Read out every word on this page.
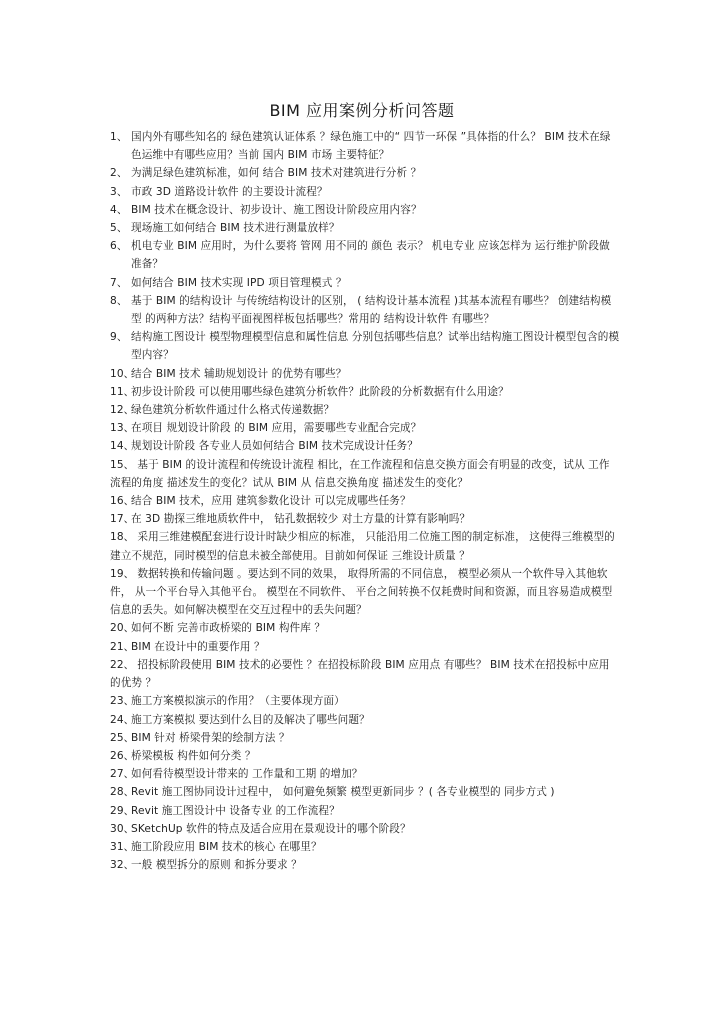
BIM 应用案例分析问答题
1、 国内外有哪些知名的 绿色建筑认证体系 ？绿色施工中的“ 四节一环保 ”具体指的什么？ BIM 技术在绿色运维中有哪些应用？当前 国内 BIM 市场 主要特征？
2、 为满足绿色建筑标准，如何 结合 BIM 技术对建筑进行分析 ？
3、 市政 3D 道路设计软件 的主要设计流程？
4、 BIM 技术在概念设计、初步设计、施工图设计阶段应用内容？
5、 现场施工如何结合 BIM 技术进行测量放样？
6、 机电专业 BIM 应用时，为什么要将 管网 用不同的 颜色 表示？ 机电专业 应该怎样为 运行维护阶段做准备？
7、 如何结合 BIM 技术实现 IPD 项目管理模式 ？
8、 基于 BIM 的结构设计 与传统结构设计的区别， ( 结构设计基本流程 )其基本流程有哪些？ 创建结构模型 的两种方法？结构平面视图样板包括哪些？常用的 结构设计软件 有哪些？
9、 结构施工图设计 模型物理模型信息和属性信息 分别包括哪些信息？试举出结构施工图设计模型包含的模型内容？
10、
结合 BIM 技术 辅助规划设计 的优势有哪些？
11、
初步设计阶段 可以使用哪些绿色建筑分析软件？此阶段的分析数据有什么用途？
12、
绿色建筑分析软件通过什么格式传递数据？
13、
在项目 规划设计阶段 的 BIM 应用，需要哪些专业配合完成？
14、
规划设计阶段 各专业人员如何结合 BIM 技术完成设计任务？
15、 基于 BIM 的设计流程和传统设计流程 相比，在工作流程和信息交换方面会有明显的改变，试从 工作流程的角度 描述发生的变化？试从 BIM 从 信息交换角度 描述发生的变化？
16、
结合 BIM 技术，应用 建筑参数化设计 可以完成哪些任务？
17、
在 3D 勘探三维地质软件中， 钻孔数据较少 对土方量的计算有影响吗？
18、 采用三维建模配套进行设计时缺少相应的标准， 只能沿用二位施工图的制定标准， 这使得三维模型的建立不规范，同时模型的信息未被全部使用。目前如何保证 三维设计质量 ？
19、 数据转换和传输问题 。要达到不同的效果， 取得所需的不同信息， 模型必须从一个软件导入其他软件， 从一个平台导入其他平台。 模型在不同软件、 平台之间转换不仅耗费时间和资源，而且容易造成模型信息的丢失。如何解决模型在交互过程中的丢失问题？
20、
如何不断 完善市政桥梁的 BIM 构件库 ？
21、
BIM 在设计中的重要作用 ？
22、 招投标阶段使用 BIM 技术的必要性 ？在招投标阶段 BIM 应用点 有哪些？ BIM 技术在招投标中应用的优势 ？
23、
施工方案模拟演示的作用？（主要体现方面）
24、
施工方案模拟 要达到什么目的及解决了哪些问题？
25、
BIM 针对 桥梁骨架的绘制方法 ？
26、
桥梁模板 构件如何分类 ？
27、
如何看待模型设计带来的 工作量和工期 的增加？
28、
Revit 施工图协同设计过程中， 如何避免频繁 模型更新同步 ？( 各专业模型的 同步方式 )
29、
Revit 施工图设计中 设备专业 的工作流程？
30、
SKetchUp 软件的特点及适合应用在景观设计的哪个阶段？
31、
施工阶段应用 BIM 技术的核心 在哪里？
32、
一般 模型拆分的原则 和拆分要求 ？
